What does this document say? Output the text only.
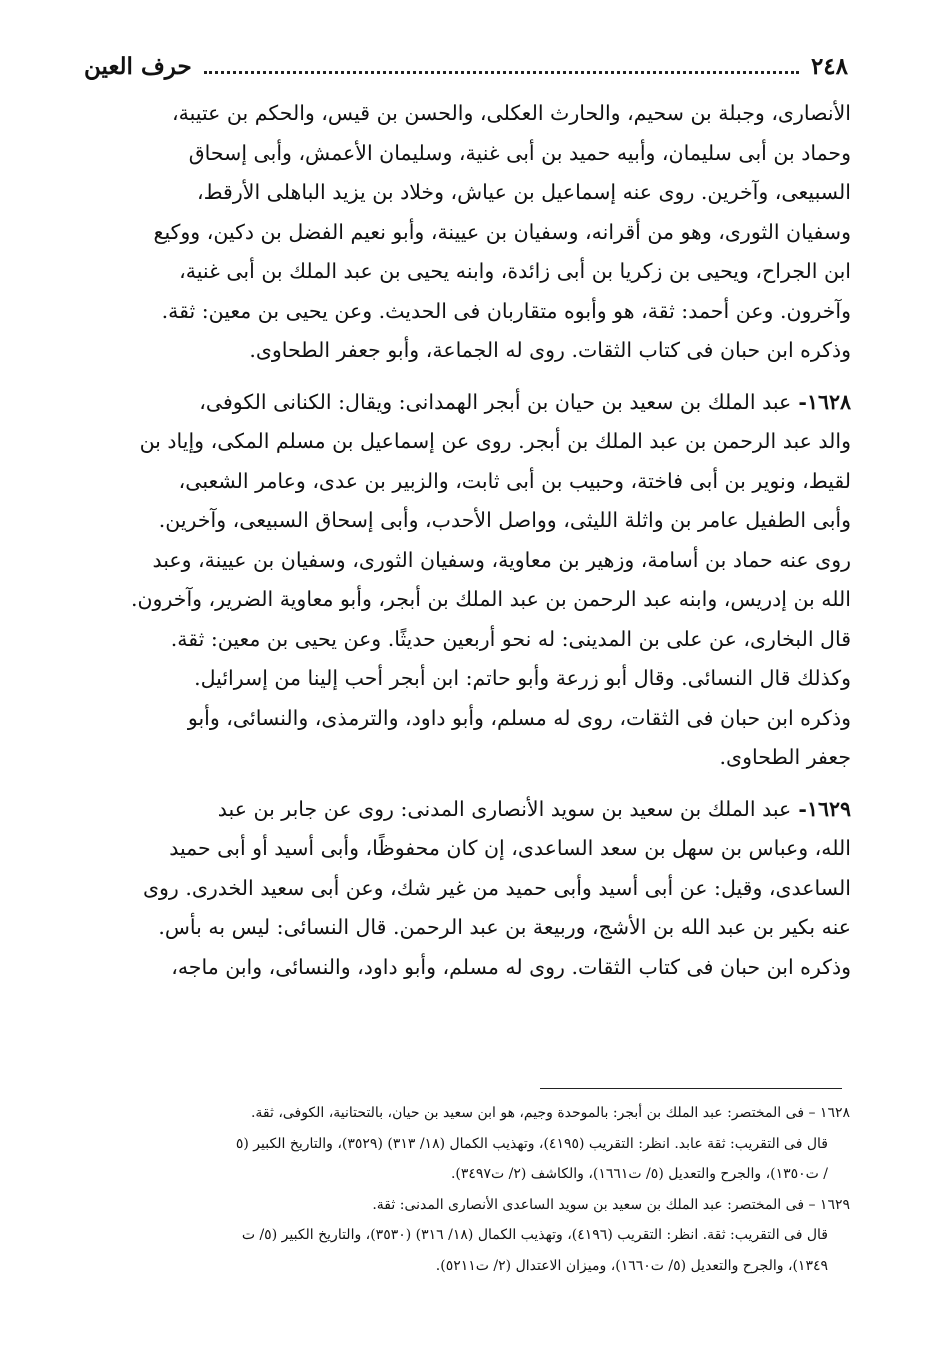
٢٤٨
حرف العين

الأنصارى، وجبلة بن سحيم، والحارث العكلى، والحسن بن قيس، والحكم بن عتيبة،
وحماد بن أبى سليمان، وأبيه حميد بن أبى غنية، وسليمان الأعمش، وأبى إسحاق
السبيعى، وآخرين. روى عنه إسماعيل بن عياش، وخلاد بن يزيد الباهلى الأرقط،
وسفيان الثورى، وهو من أقرانه، وسفيان بن عيينة، وأبو نعيم الفضل بن دكين، ووكيع
ابن الجراح، ويحيى بن زكريا بن أبى زائدة، وابنه يحيى بن عبد الملك بن أبى غنية،
وآخرون. وعن أحمد: ثقة، هو وأبوه متقاربان فى الحديث. وعن يحيى بن معين: ثقة.
وذكره ابن حبان فى كتاب الثقات. روى له الجماعة، وأبو جعفر الطحاوى.

١٦٢٨- عبد الملك بن سعيد بن حيان بن أبجر الهمدانى: ويقال: الكنانى الكوفى،
والد عبد الرحمن بن عبد الملك بن أبجر. روى عن إسماعيل بن مسلم المكى، وإياد بن
لقيط، ونوير بن أبى فاختة، وحبيب بن أبى ثابت، والزبير بن عدى، وعامر الشعبى،
وأبى الطفيل عامر بن واثلة الليثى، وواصل الأحدب، وأبى إسحاق السبيعى، وآخرين.
روى عنه حماد بن أسامة، وزهير بن معاوية، وسفيان الثورى، وسفيان بن عيينة، وعبد
الله بن إدريس، وابنه عبد الرحمن بن عبد الملك بن أبجر، وأبو معاوية الضرير، وآخرون.
قال البخارى، عن على بن المدينى: له نحو أربعين حديثًا. وعن يحيى بن معين: ثقة.
وكذلك قال النسائى. وقال أبو زرعة وأبو حاتم: ابن أبجر أحب إلينا من إسرائيل.
وذكره ابن حبان فى الثقات، روى له مسلم، وأبو داود، والترمذى، والنسائى، وأبو
جعفر الطحاوى.

١٦٢٩- عبد الملك بن سعيد بن سويد الأنصارى المدنى: روى عن جابر بن عبد
الله، وعباس بن سهل بن سعد الساعدى، إن كان محفوظًا، وأبى أسيد أو أبى حميد
الساعدى، وقيل: عن أبى أسيد وأبى حميد من غير شك، وعن أبى سعيد الخدرى. روى
عنه بكير بن عبد الله بن الأشج، وربيعة بن عبد الرحمن. قال النسائى: ليس به بأس.
وذكره ابن حبان فى كتاب الثقات. روى له مسلم، وأبو داود، والنسائى، وابن ماجه،

١٦٢٨ – فى المختصر: عبد الملك بن أبجر: بالموحدة وجيم، هو ابن سعيد بن حيان، بالتحتانية، الكوفى، ثقة.

قال فى التقريب: ثقة عابد. انظر: التقريب (٤١٩٥)، وتهذيب الكمال (١٨/ ٣١٣) (٣٥٢٩)، والتاريخ الكبير (٥
/ ت١٣٥٠)، والجرح والتعديل (٥/ ت١٦٦١)، والكاشف (٢/ ت٣٤٩٧).

١٦٢٩ – فى المختصر: عبد الملك بن سعيد بن سويد الساعدى الأنصارى المدنى: ثقة.

قال فى التقريب: ثقة. انظر: التقريب (٤١٩٦)، وتهذيب الكمال (١٨/ ٣١٦) (٣٥٣٠)، والتاريخ الكبير (٥/ ت
١٣٤٩)، والجرح والتعديل (٥/ ت١٦٦٠)، وميزان الاعتدال (٢/ ت٥٢١١).
